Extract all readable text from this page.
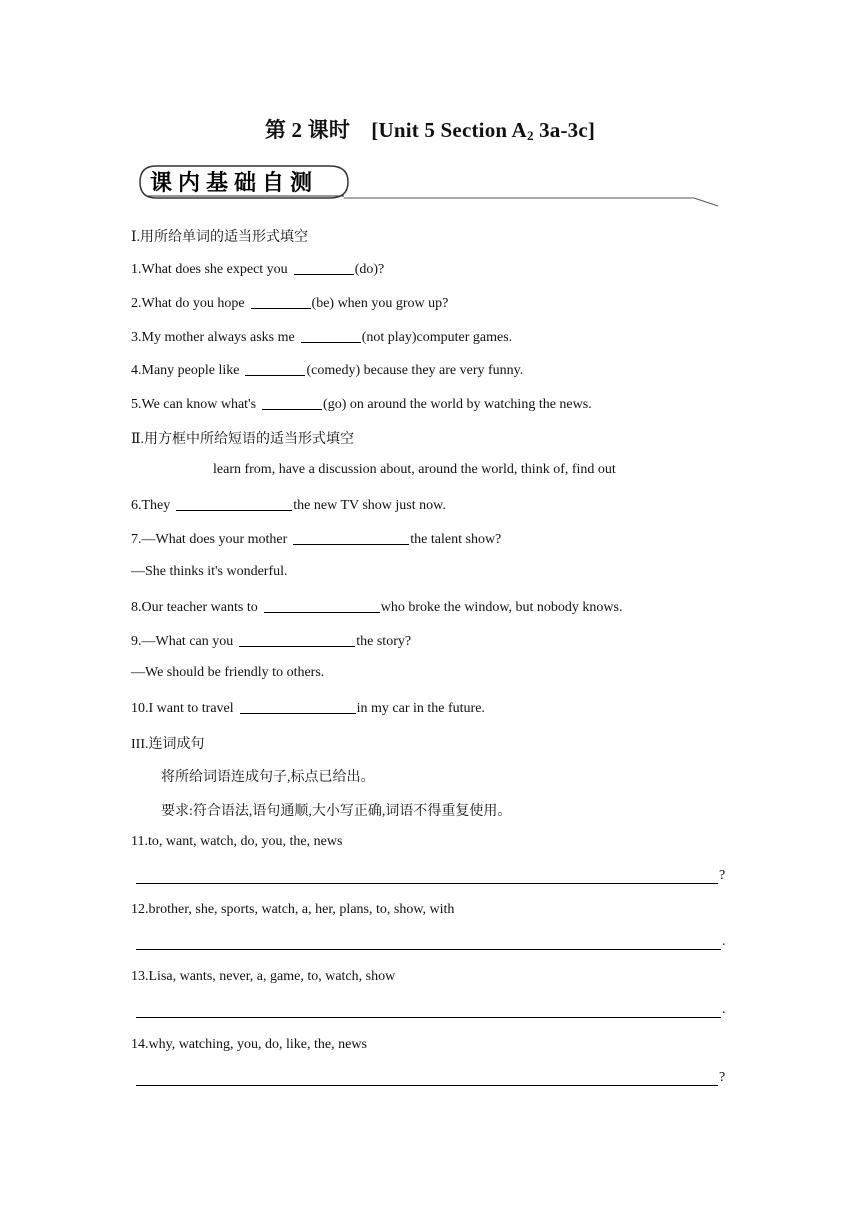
第 2 课时　[Unit 5 Section $A_2$ 3a-3c]
课内基础自测
Ⅰ.用所给单词的适当形式填空
1.What does she expect you	(do)?
2.What do you hope	(be) when you grow up?
3.My mother always asks me	(not play)computer games.
4.Many people like	(comedy) because they are very funny.
5.We can know what's	(go) on around the world by watching the news.
Ⅱ.用方框中所给短语的适当形式填空
learn from, have a discussion about, around the world, think of, find out
6.They	the new TV show just now.
7.—What does your mother	the talent show?
—She thinks it's wonderful.
8.Our teacher wants to	who broke the window, but nobody knows.
9.—What can you	the story?
—We should be friendly to others.
10.I want to travel	in my car in the future.
III.连词成句
将所给词语连成句子,标点已给出。
要求:符合语法,语句通顺,大小写正确,词语不得重复使用。
11.to, want, watch, do, you, the, news
?
12.brother, she, sports, watch, a, her, plans, to, show, with
.
13.Lisa, wants, never, a, game, to, watch, show
.
14.why, watching, you, do, like, the, news
?
